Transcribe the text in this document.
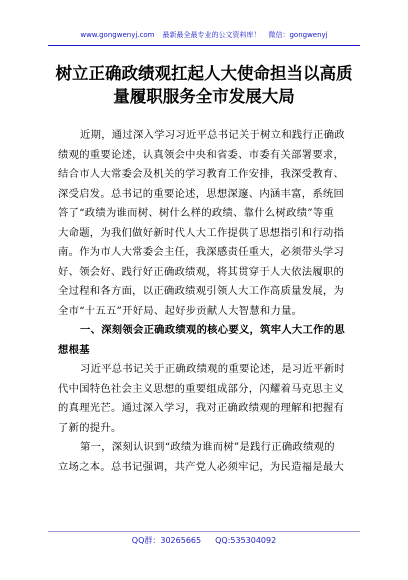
www.gongwenyj.com 最新最全最专业的公文资料库！ 微信：gongwenyj
树立正确政绩观扛起人大使命担当以高质
量履职服务全市发展大局
近期，通过深入学习习近平总书记关于树立和践行正确政
绩观的重要论述，认真领会中央和省委、市委有关部署要求，
结合市人大常委会及机关的学习教育工作安排，我深受教育、
深受启发。总书记的重要论述，思想深邃、内涵丰富，系统回
答了“政绩为谁而树、树什么样的政绩、靠什么树政绩”等重
大命题，为我们做好新时代人大工作提供了思想指引和行动指
南。作为市人大常委会主任，我深感责任重大，必须带头学习
好、领会好、践行好正确政绩观，将其贯穿于人大依法履职的
全过程和各方面，以正确政绩观引领人大工作高质量发展，为
全市“十五五”开好局、起好步贡献人大智慧和力量。
一、深刻领会正确政绩观的核心要义，筑牢人大工作的思
想根基
习近平总书记关于正确政绩观的重要论述，是习近平新时
代中国特色社会主义思想的重要组成部分，闪耀着马克思主义
的真理光芒。通过深入学习，我对正确政绩观的理解和把握有
了新的提升。
第一，深刻认识到“政绩为谁而树”是践行正确政绩观的
立场之本。总书记强调，共产党人必须牢记，为民造福是最大
QQ群：30265665 QQ:535304092
